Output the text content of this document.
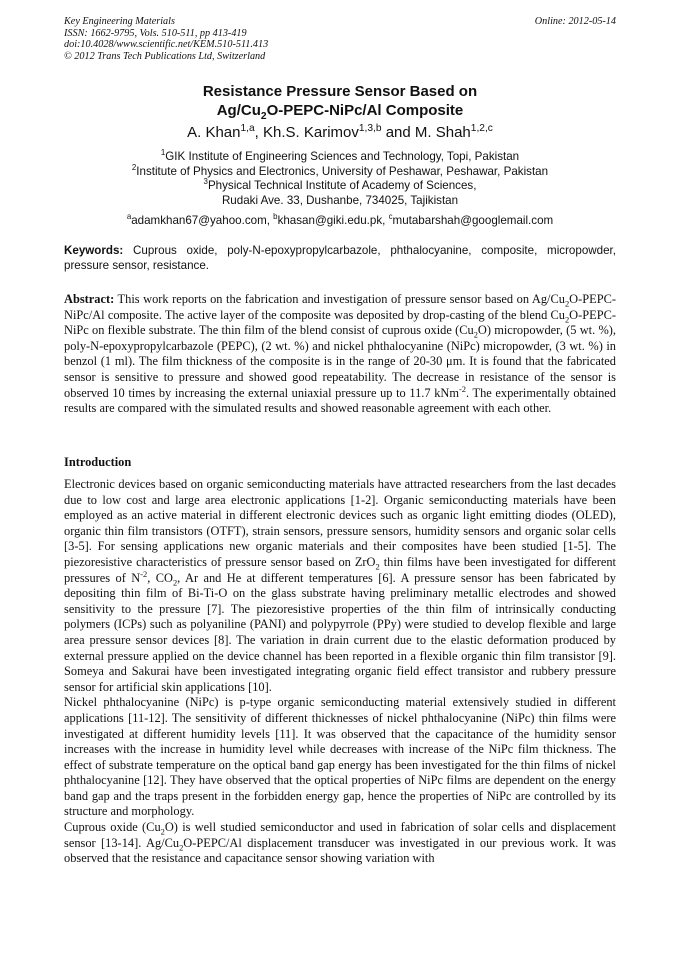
Key Engineering Materials
ISSN: 1662-9795, Vols. 510-511, pp 413-419
doi:10.4028/www.scientific.net/KEM.510-511.413
© 2012 Trans Tech Publications Ltd, Switzerland
Online: 2012-05-14
Resistance Pressure Sensor Based on
$Ag/Cu_2O-PEPC-NiPc/Al$ Composite
A. Khan$^{1,a}$, Kh.S. Karimov$^{1,3,b}$ and M. Shah$^{1,2,c}$
$^1$GIK Institute of Engineering Sciences and Technology, Topi, Pakistan
$^2$Institute of Physics and Electronics, University of Peshawar, Peshawar, Pakistan
$^3$Physical Technical Institute of Academy of Sciences,
Rudaki Ave. 33, Dushanbe, 734025, Tajikistan
$^a$adamkhan67@yahoo.com, $^b$khasan@giki.edu.pk, $^c$mutabarshah@googlemail.com
Keywords: Cuprous oxide, poly-N-epoxypropylcarbazole, phthalocyanine, composite, micropowder, pressure sensor, resistance.
Abstract: This work reports on the fabrication and investigation of pressure sensor based on $Ag/Cu_2O-PEPC-NiPc/Al$ composite. The active layer of the composite was deposited by drop-casting of the blend $Cu_2O-PEPC$-NiPc on flexible substrate. The thin film of the blend consist of cuprous oxide $(Cu_2O)$ micropowder, (5 wt. %), poly-N-epoxypropylcarbazole (PEPC), (2 wt. %) and nickel phthalocyanine (NiPc) micropowder, (3 wt. %) in benzol (1 ml). The film thickness of the composite is in the range of 20-30 μm. It is found that the fabricated sensor is sensitive to pressure and showed good repeatability. The decrease in resistance of the sensor is observed 10 times by increasing the external uniaxial pressure up to 11.7 kNm$^{-2}$. The experimentally obtained results are compared with the simulated results and showed reasonable agreement with each other.
Introduction

Electronic devices based on organic semiconducting materials have attracted researchers from the last decades due to low cost and large area electronic applications [1-2]. Organic semiconducting materials have been employed as an active material in different electronic devices such as organic light emitting diodes (OLED), organic thin film transistors (OTFT), strain sensors, pressure sensors, humidity sensors and organic solar cells [3-5]. For sensing applications new organic materials and their composites have been studied [1-5]. The piezoresistive characteristics of pressure sensor based on ZrO$_2$ thin films have been investigated for different pressures of $N^{-2}$, $CO_2$, Ar and He at different temperatures [6]. A pressure sensor has been fabricated by depositing thin film of Bi-Ti-O on the glass substrate having preliminary metallic electrodes and showed sensitivity to the pressure [7]. The piezoresistive properties of the thin film of intrinsically conducting polymers (ICPs) such as polyaniline (PANI) and polypyrrole (PPy) were studied to develop flexible and large area pressure sensor devices [8]. The variation in drain current due to the elastic deformation produced by external pressure applied on the device channel has been reported in a flexible organic thin film transistor [9]. Someya and Sakurai have been investigated integrating organic field effect transistor and rubbery pressure sensor for artificial skin applications [10].

Nickel phthalocyanine (NiPc) is p-type organic semiconducting material extensively studied in different applications [11-12]. The sensitivity of different thicknesses of nickel phthalocyanine (NiPc) thin films were investigated at different humidity levels [11]. It was observed that the capacitance of the humidity sensor increases with the increase in humidity level while decreases with increase of the NiPc film thickness. The effect of substrate temperature on the optical band gap energy has been investigated for the thin films of nickel phthalocyanine [12]. They have observed that the optical properties of NiPc films are dependent on the energy band gap and the traps present in the forbidden energy gap, hence the properties of NiPc are controlled by its structure and morphology.

Cuprous oxide $(Cu_2O)$ is well studied semiconductor and used in fabrication of solar cells and displacement sensor [13-14]. $Ag/Cu_2O-PEPC/Al$ displacement transducer was investigated in our previous work. It was observed that the resistance and capacitance sensor showing variation with
